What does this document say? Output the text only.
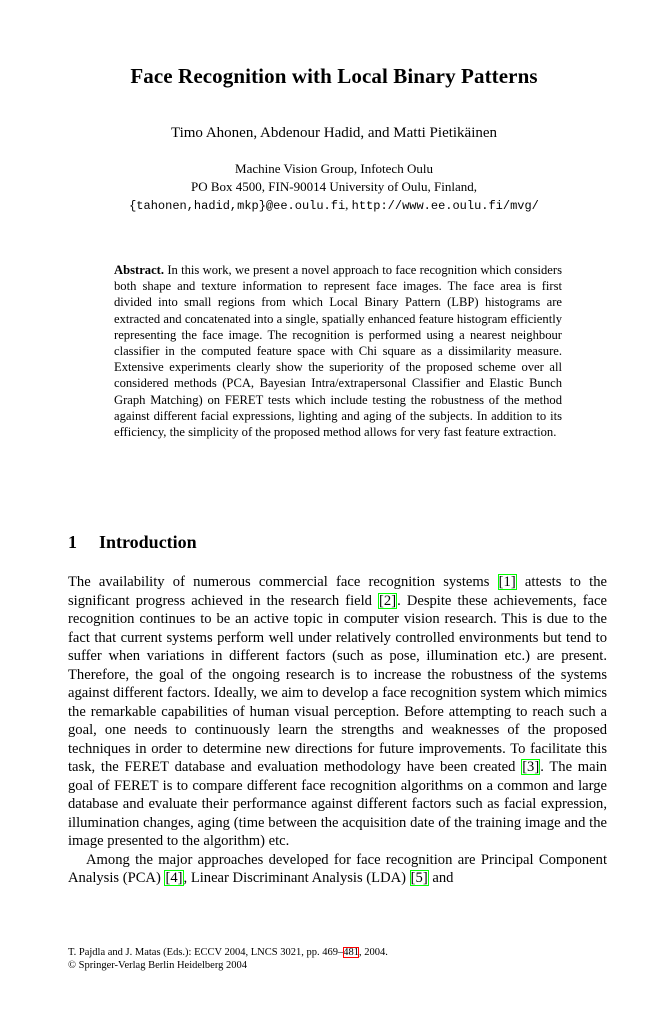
Face Recognition with Local Binary Patterns
Timo Ahonen, Abdenour Hadid, and Matti Pietikäinen
Machine Vision Group, Infotech Oulu
PO Box 4500, FIN-90014 University of Oulu, Finland,
{tahonen,hadid,mkp}@ee.oulu.fi, http://www.ee.oulu.fi/mvg/
Abstract. In this work, we present a novel approach to face recognition which considers both shape and texture information to represent face images. The face area is first divided into small regions from which Local Binary Pattern (LBP) histograms are extracted and concatenated into a single, spatially enhanced feature histogram efficiently representing the face image. The recognition is performed using a nearest neighbour classifier in the computed feature space with Chi square as a dissimilarity measure. Extensive experiments clearly show the superiority of the proposed scheme over all considered methods (PCA, Bayesian Intra/extrapersonal Classifier and Elastic Bunch Graph Matching) on FERET tests which include testing the robustness of the method against different facial expressions, lighting and aging of the subjects. In addition to its efficiency, the simplicity of the proposed method allows for very fast feature extraction.
1 Introduction

The availability of numerous commercial face recognition systems [1] attests to the significant progress achieved in the research field [2]. Despite these achievements, face recognition continues to be an active topic in computer vision research. This is due to the fact that current systems perform well under relatively controlled environments but tend to suffer when variations in different factors (such as pose, illumination etc.) are present. Therefore, the goal of the ongoing research is to increase the robustness of the systems against different factors. Ideally, we aim to develop a face recognition system which mimics the remarkable capabilities of human visual perception. Before attempting to reach such a goal, one needs to continuously learn the strengths and weaknesses of the proposed techniques in order to determine new directions for future improvements. To facilitate this task, the FERET database and evaluation methodology have been created [3]. The main goal of FERET is to compare different face recognition algorithms on a common and large database and evaluate their performance against different factors such as facial expression, illumination changes, aging (time between the acquisition date of the training image and the image presented to the algorithm) etc.

Among the major approaches developed for face recognition are Principal Component Analysis (PCA) [4], Linear Discriminant Analysis (LDA) [5] and

T. Pajdla and J. Matas (Eds.): ECCV 2004, LNCS 3021, pp. 469–481, 2004.
© Springer-Verlag Berlin Heidelberg 2004
